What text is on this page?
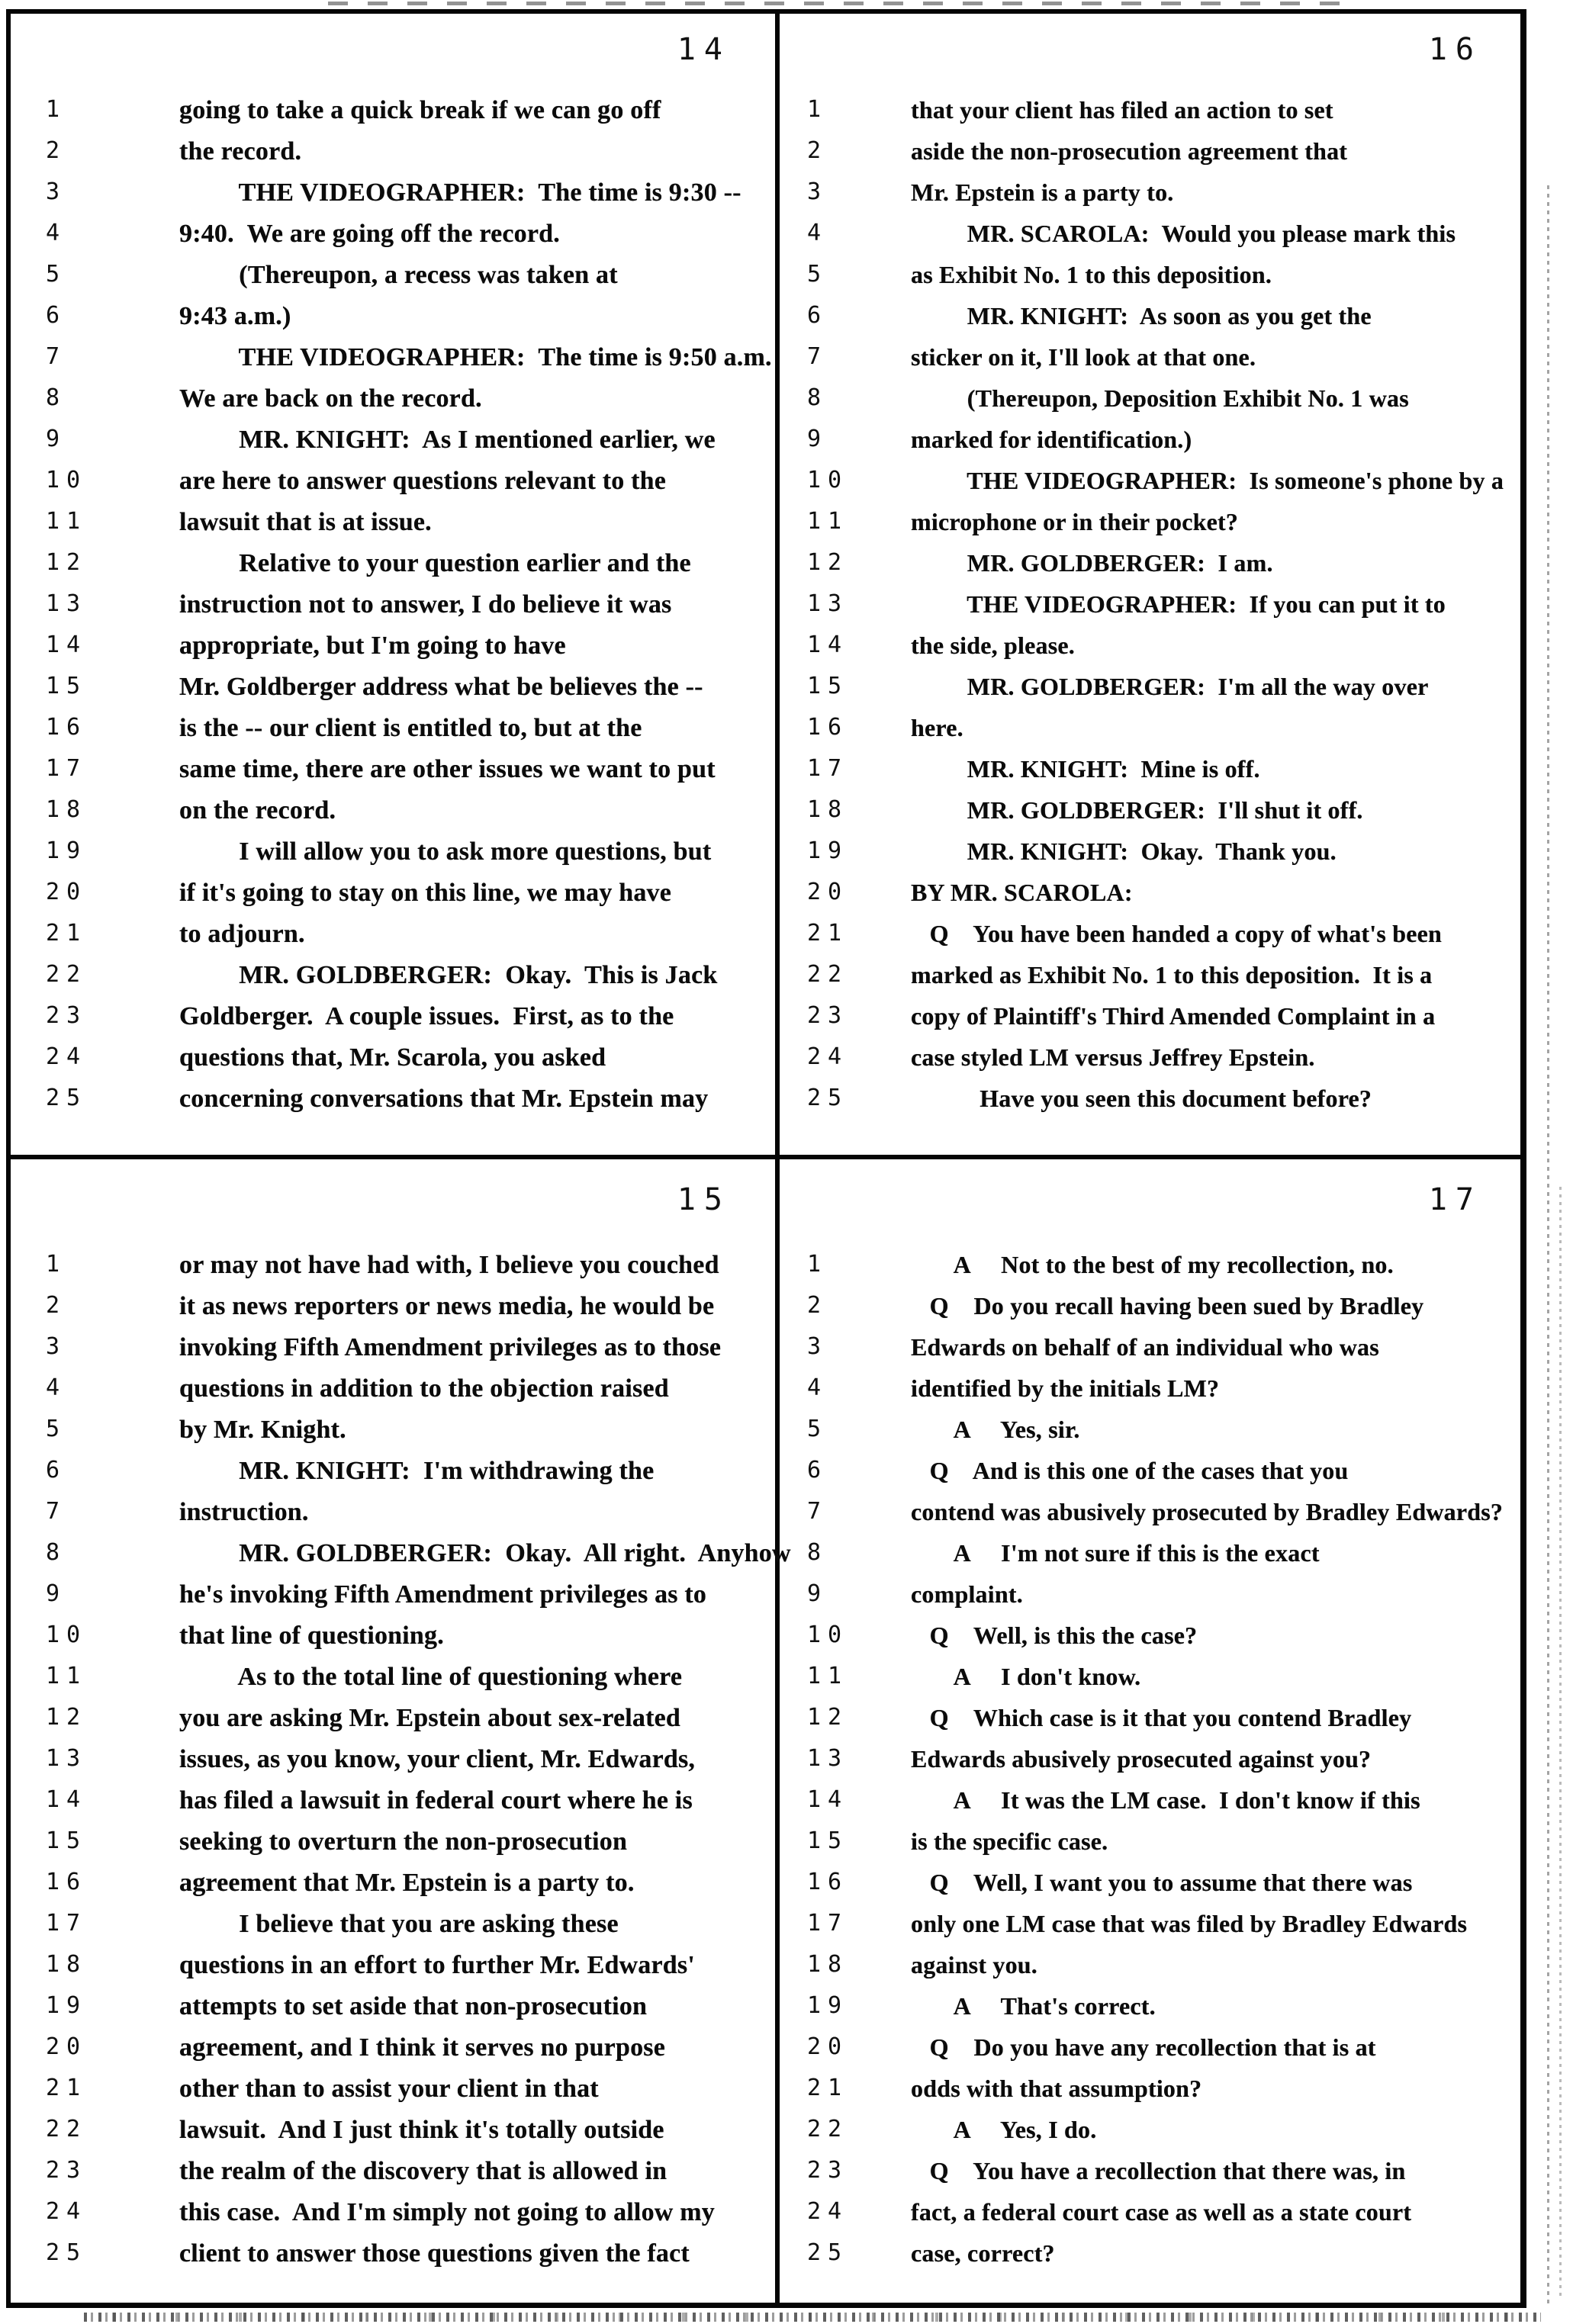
14
1	going to take a quick break if we can go off
2	the record.
3	THE VIDEOGRAPHER:  The time is 9:30 --
4	9:40.  We are going off the record.
5	(Thereupon, a recess was taken at
6	9:43 a.m.)
7	THE VIDEOGRAPHER:  The time is 9:50 a.m.
8	We are back on the record.
9	MR. KNIGHT:  As I mentioned earlier, we
10	are here to answer questions relevant to the
11	lawsuit that is at issue.
12	Relative to your question earlier and the
13	instruction not to answer, I do believe it was
14	appropriate, but I'm going to have
15	Mr. Goldberger address what be believes the --
16	is the -- our client is entitled to, but at the
17	same time, there are other issues we want to put
18	on the record.
19	I will allow you to ask more questions, but
20	if it's going to stay on this line, we may have
21	to adjourn.
22	MR. GOLDBERGER:  Okay.  This is Jack
23	Goldberger.  A couple issues.  First, as to the
24	questions that, Mr. Scarola, you asked
25	concerning conversations that Mr. Epstein may
16
1	that your client has filed an action to set
2	aside the non-prosecution agreement that
3	Mr. Epstein is a party to.
4	MR. SCAROLA:  Would you please mark this
5	as Exhibit No. 1 to this deposition.
6	MR. KNIGHT:  As soon as you get the
7	sticker on it, I'll look at that one.
8	(Thereupon, Deposition Exhibit No. 1 was
9	marked for identification.)
10	THE VIDEOGRAPHER:  Is someone's phone by a
11	microphone or in their pocket?
12	MR. GOLDBERGER:  I am.
13	THE VIDEOGRAPHER:  If you can put it to
14	the side, please.
15	MR. GOLDBERGER:  I'm all the way over
16	here.
17	MR. KNIGHT:  Mine is off.
18	MR. GOLDBERGER:  I'll shut it off.
19	MR. KNIGHT:  Okay.  Thank you.
20	BY MR. SCAROLA:
21	Q    You have been handed a copy of what's been
22	marked as Exhibit No. 1 to this deposition.  It is a
23	copy of Plaintiff's Third Amended Complaint in a
24	case styled LM versus Jeffrey Epstein.
25	Have you seen this document before?
15
1	or may not have had with, I believe you couched
2	it as news reporters or news media, he would be
3	invoking Fifth Amendment privileges as to those
4	questions in addition to the objection raised
5	by Mr. Knight.
6	MR. KNIGHT:  I'm withdrawing the
7	instruction.
8	MR. GOLDBERGER:  Okay.  All right.  Anyhow
9	he's invoking Fifth Amendment privileges as to
10	that line of questioning.
11	As to the total line of questioning where
12	you are asking Mr. Epstein about sex-related
13	issues, as you know, your client, Mr. Edwards,
14	has filed a lawsuit in federal court where he is
15	seeking to overturn the non-prosecution
16	agreement that Mr. Epstein is a party to.
17	I believe that you are asking these
18	questions in an effort to further Mr. Edwards'
19	attempts to set aside that non-prosecution
20	agreement, and I think it serves no purpose
21	other than to assist your client in that
22	lawsuit.  And I just think it's totally outside
23	the realm of the discovery that is allowed in
24	this case.  And I'm simply not going to allow my
25	client to answer those questions given the fact
17
1	A     Not to the best of my recollection, no.
2	Q    Do you recall having been sued by Bradley
3	Edwards on behalf of an individual who was
4	identified by the initials LM?
5	A     Yes, sir.
6	Q    And is this one of the cases that you
7	contend was abusively prosecuted by Bradley Edwards?
8	A     I'm not sure if this is the exact
9	complaint.
10	Q    Well, is this the case?
11	A     I don't know.
12	Q    Which case is it that you contend Bradley
13	Edwards abusively prosecuted against you?
14	A     It was the LM case.  I don't know if this
15	is the specific case.
16	Q    Well, I want you to assume that there was
17	only one LM case that was filed by Bradley Edwards
18	against you.
19	A     That's correct.
20	Q    Do you have any recollection that is at
21	odds with that assumption?
22	A     Yes, I do.
23	Q    You have a recollection that there was, in
24	fact, a federal court case as well as a state court
25	case, correct?
